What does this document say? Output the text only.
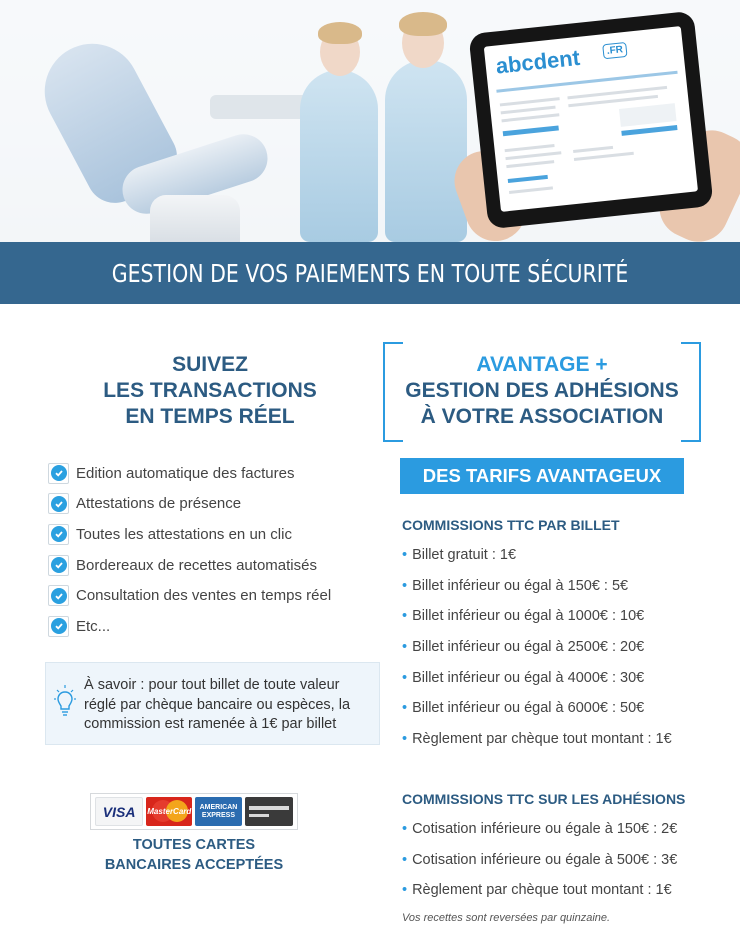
abcdent	.FR
GESTION DE VOS PAIEMENTS EN TOUTE SÉCURITÉ
SUIVEZ
LES TRANSACTIONS
EN TEMPS RÉEL
Edition automatique des factures
Attestations de présence
Toutes les attestations en un clic
Bordereaux de recettes automatisés
Consultation des ventes en temps réel
Etc...
À savoir : pour tout billet de toute valeur
réglé par chèque bancaire ou espèces, la
commission est ramenée à 1€ par billet
VISA	MasterCard AMERICAN
EXPRESS
TOUTES CARTES
BANCAIRES ACCEPTÉES
AVANTAGE +
GESTION DES ADHÉSIONS
À VOTRE ASSOCIATION
DES TARIFS AVANTAGEUX
COMMISSIONS TTC PAR BILLET
• Billet gratuit : 1€
• Billet inférieur ou égal à 150€ : 5€
• Billet inférieur ou égal à 1000€ : 10€
• Billet inférieur ou égal à 2500€ : 20€
• Billet inférieur ou égal à 4000€ : 30€
• Billet inférieur ou égal à 6000€ : 50€
• Règlement par chèque tout montant : 1€
COMMISSIONS TTC SUR LES ADHÉSIONS
• Cotisation inférieure ou égale à 150€ : 2€
• Cotisation inférieure ou égale à 500€ : 3€
• Règlement par chèque tout montant : 1€
Vos recettes sont reversées par quinzaine.
